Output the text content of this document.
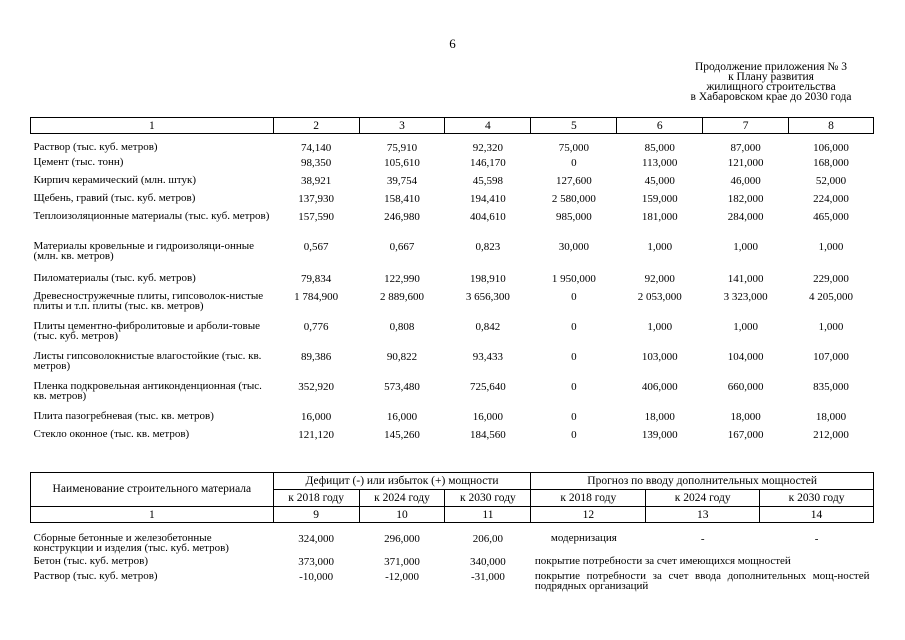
6
Продолжение приложения № 3
к Плану развития
жилищного строительства
в Хабаровском крае до 2030 года
1	2	3	4	5	6	7	8
Раствор (тыс. куб. метров)	74,140	75,910	92,320	75,000	85,000	87,000	106,000
Цемент (тыс. тонн)	98,350	105,610	146,170	0	113,000	121,000	168,000
Кирпич керамический (млн. штук)	38,921	39,754	45,598	127,600	45,000	46,000	52,000
Щебень, гравий (тыс. куб. метров)	137,930	158,410	194,410	2 580,000	159,000	182,000	224,000
Теплоизоляционные материалы (тыс. куб. метров)	157,590	246,980	404,610	985,000	181,000	284,000	465,000
Материалы кровельные и гидроизоляци-онные (млн. кв. метров)	0,567	0,667	0,823	30,000	1,000	1,000	1,000
Пиломатериалы (тыс. куб. метров)	79,834	122,990	198,910	1 950,000	92,000	141,000	229,000
Древесностружечные плиты, гипсоволок-нистые плиты и т.п. плиты (тыс. кв. метров)	1 784,900	2 889,600	3 656,300	0	2 053,000	3 323,000	4 205,000
Плиты цементно-фибролитовые и арболи-товые (тыс. куб. метров)	0,776	0,808	0,842	0	1,000	1,000	1,000
Листы гипсоволокнистые влагостойкие (тыс. кв. метров)	89,386	90,822	93,433	0	103,000	104,000	107,000
Пленка подкровельная антиконденционная (тыс. кв. метров)	352,920	573,480	725,640	0	406,000	660,000	835,000
Плита пазогребневая (тыс. кв. метров)	16,000	16,000	16,000	0	18,000	18,000	18,000
Стекло оконное (тыс. кв. метров)	121,120	145,260	184,560	0	139,000	167,000	212,000
Наименование строительного материала	Дефицит (-) или избыток (+) мощности			Прогноз по вводу дополнительных мощностей		
	к 2018 году	к 2024 году	к 2030 году	к 2018 году	к 2024 году	к 2030 году
1	9	10	11	12	13	14
Сборные бетонные и железобетонные конструкции и изделия (тыс. куб. метров)	324,000	296,000	206,00	модернизация	-	-
Бетон (тыс. куб. метров)	373,000	371,000	340,000	покрытие потребности за счет имеющихся мощностей		
Раствор (тыс. куб. метров)	-10,000	-12,000	-31,000	покрытие потребности за счет ввода дополнительных мощ-ностей подрядных организаций		
